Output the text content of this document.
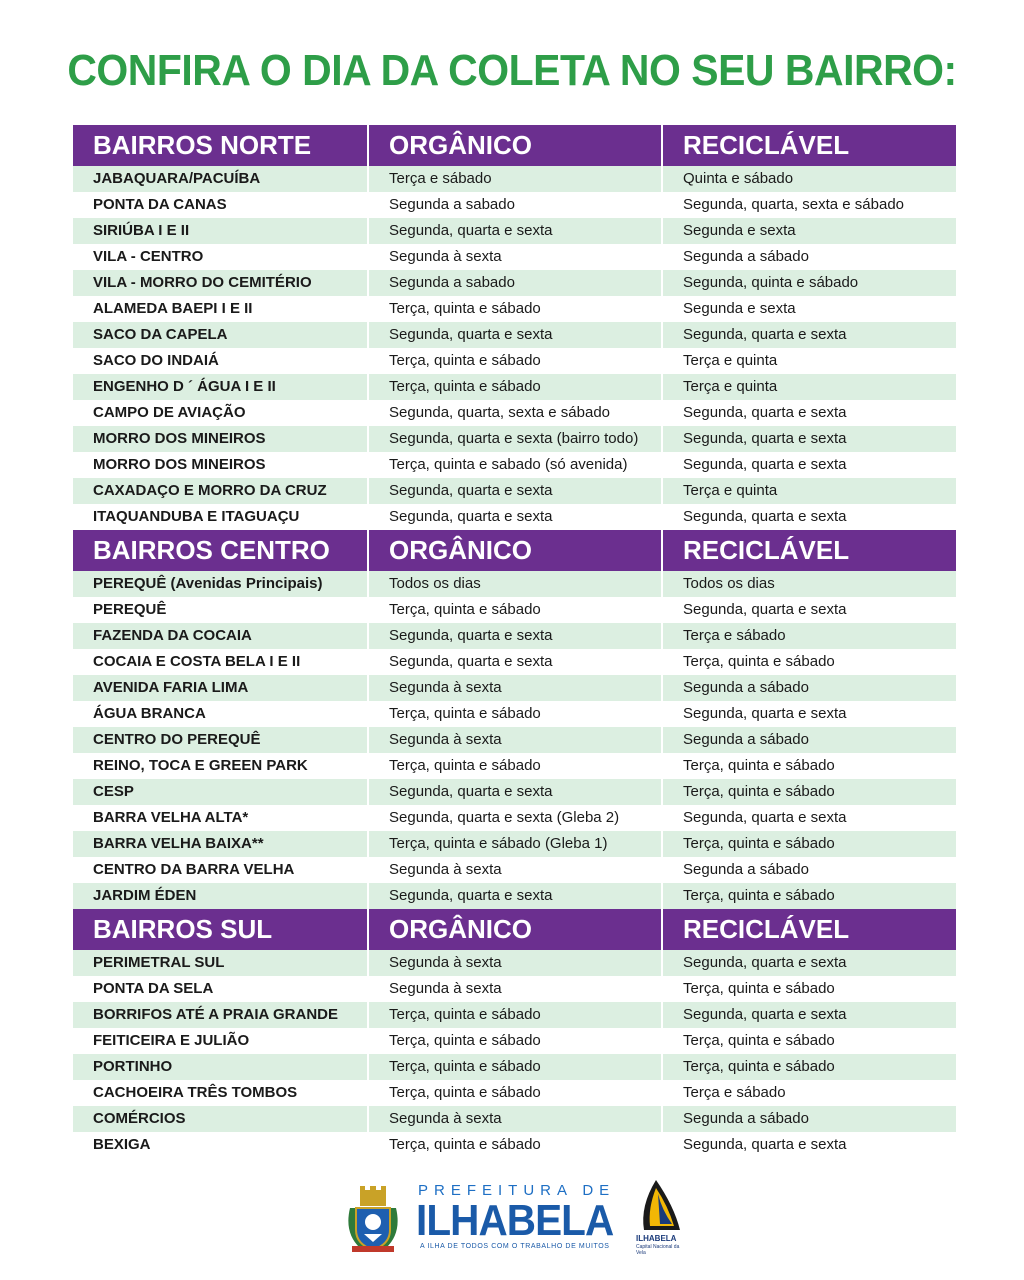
CONFIRA O DIA DA COLETA NO SEU BAIRRO:
BAIRROS NORTE	ORGÂNICO	RECICLÁVEL
JABAQUARA/PACUÍBA	Terça e sábado	Quinta e sábado
PONTA DA CANAS	Segunda a sabado	Segunda, quarta, sexta e sábado
SIRIÚBA I E II	Segunda, quarta e sexta	Segunda e sexta
VILA - CENTRO	Segunda à sexta	Segunda a sábado
VILA - MORRO DO CEMITÉRIO	Segunda a sabado	Segunda, quinta e sábado
ALAMEDA BAEPI I E II	Terça, quinta e sábado	Segunda e sexta
SACO DA CAPELA	Segunda, quarta e sexta	Segunda, quarta e sexta
SACO DO INDAIÁ	Terça, quinta e sábado	Terça e quinta
ENGENHO D ´ ÁGUA I E II	Terça, quinta e sábado	Terça e quinta
CAMPO DE AVIAÇÃO	Segunda, quarta, sexta e sábado	Segunda, quarta e sexta
MORRO DOS MINEIROS	Segunda, quarta e sexta (bairro todo)	Segunda, quarta e sexta
MORRO DOS MINEIROS	Terça, quinta e sabado (só avenida)	Segunda, quarta e sexta
CAXADAÇO E MORRO DA CRUZ	Segunda, quarta e sexta	Terça e quinta
ITAQUANDUBA E ITAGUAÇU	Segunda, quarta e sexta	Segunda, quarta e sexta
BAIRROS CENTRO	ORGÂNICO	RECICLÁVEL
PEREQUÊ (Avenidas Principais)	Todos os dias	Todos os dias
PEREQUÊ	Terça, quinta e sábado	Segunda, quarta e sexta
FAZENDA DA COCAIA	Segunda, quarta e sexta	Terça e sábado
COCAIA E COSTA BELA I E II	Segunda, quarta e sexta	Terça, quinta e sábado
AVENIDA FARIA LIMA	Segunda à sexta	Segunda a sábado
ÁGUA BRANCA	Terça, quinta e sábado	Segunda, quarta e sexta
CENTRO DO PEREQUÊ	Segunda à sexta	Segunda a sábado
REINO, TOCA E GREEN PARK	Terça, quinta e sábado	Terça, quinta e sábado
CESP	Segunda, quarta e sexta	Terça, quinta e sábado
BARRA VELHA ALTA*	Segunda, quarta e sexta (Gleba 2)	Segunda, quarta e sexta
BARRA VELHA BAIXA**	Terça, quinta e sábado (Gleba 1)	Terça, quinta e sábado
CENTRO DA BARRA VELHA	Segunda à sexta	Segunda a sábado
JARDIM ÉDEN	Segunda, quarta e sexta	Terça, quinta e sábado
BAIRROS SUL	ORGÂNICO	RECICLÁVEL
PERIMETRAL SUL	Segunda à sexta	Segunda, quarta e sexta
PONTA DA SELA	Segunda à sexta	Terça, quinta e sábado
BORRIFOS ATÉ A PRAIA GRANDE	Terça, quinta e sábado	Segunda, quarta e sexta
FEITICEIRA E JULIÃO	Terça, quinta e sábado	Terça, quinta e sábado
PORTINHO	Terça, quinta e sábado	Terça, quinta e sábado
CACHOEIRA TRÊS TOMBOS	Terça, quinta e sábado	Terça e sábado
COMÉRCIOS	Segunda à sexta	Segunda a sábado
BEXIGA	Terça, quinta e sábado	Segunda, quarta e sexta
PREFEITURA DE
ILHABELA
A ILHA DE TODOS COM O TRABALHO DE MUITOS
ILHABELA
Capital Nacional da Vela
